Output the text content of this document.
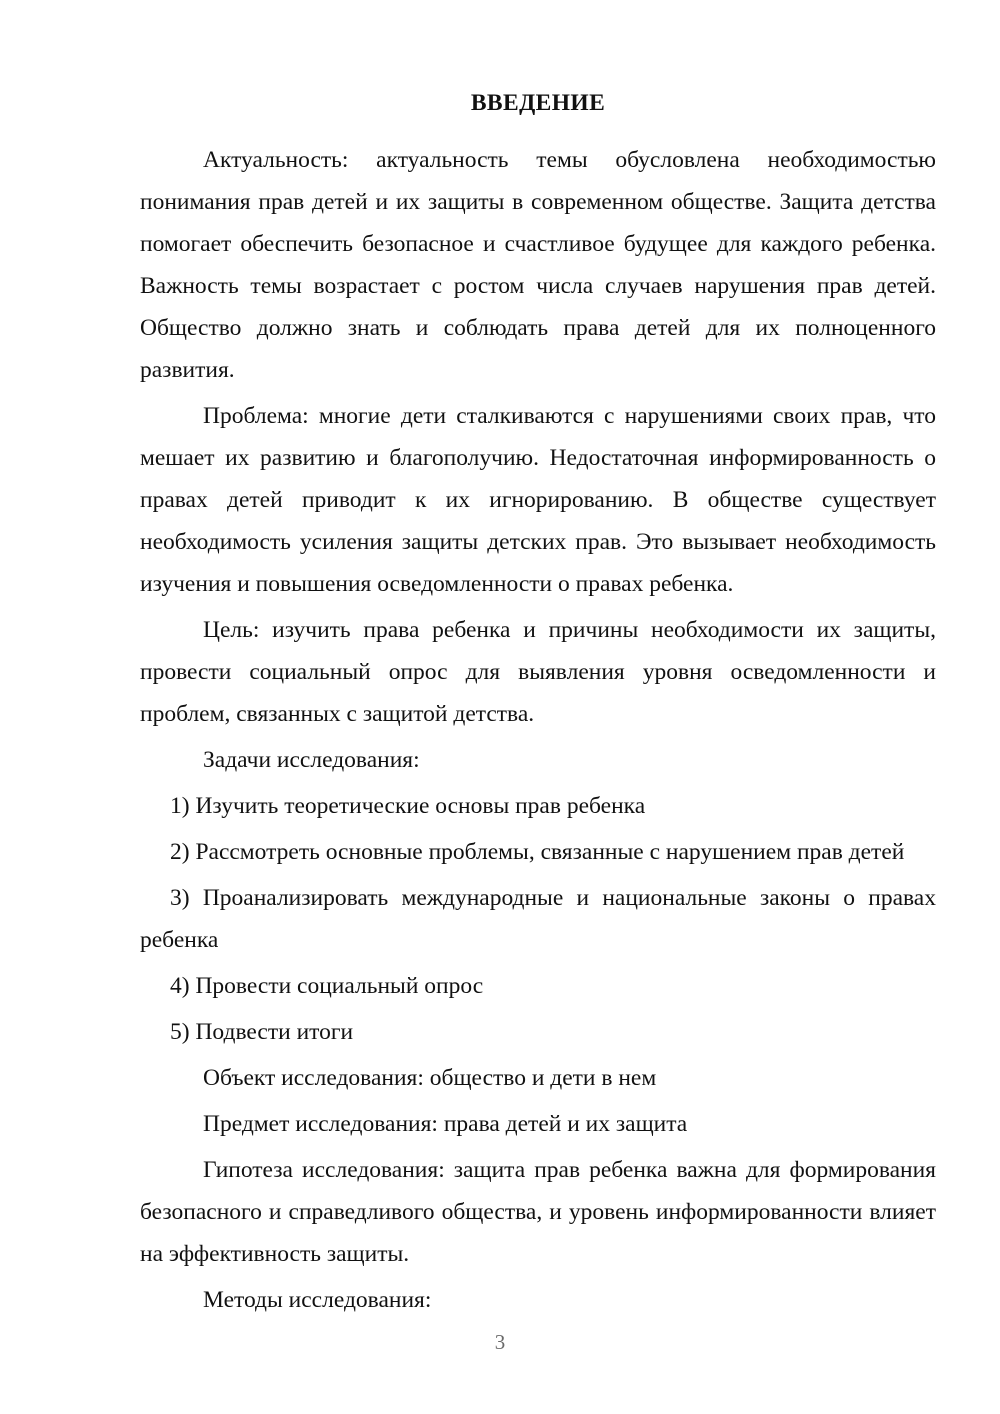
ВВЕДЕНИЕ

Актуальность: актуальность темы обусловлена необходимостью понимания прав детей и их защиты в современном обществе. Защита детства помогает обеспечить безопасное и счастливое будущее для каждого ребенка. Важность темы возрастает с ростом числа случаев нарушения прав детей. Общество должно знать и соблюдать права детей для их полноценного развития.

Проблема: многие дети сталкиваются с нарушениями своих прав, что мешает их развитию и благополучию. Недостаточная информированность о правах детей приводит к их игнорированию. В обществе существует необходимость усиления защиты детских прав. Это вызывает необходимость изучения и повышения осведомленности о правах ребенка.

Цель: изучить права ребенка и причины необходимости их защиты, провести социальный опрос для выявления уровня осведомленности и проблем, связанных с защитой детства.

Задачи исследования:

1) Изучить теоретические основы прав ребенка

2) Рассмотреть основные проблемы, связанные с нарушением прав детей

3) Проанализировать международные и национальные законы о правах ребенка

4) Провести социальный опрос

5) Подвести итоги

Объект исследования: общество и дети в нем

Предмет исследования: права детей и их защита

Гипотеза исследования: защита прав ребенка важна для формирования безопасного и справедливого общества, и уровень информированности влияет на эффективность защиты.

Методы исследования:

3
